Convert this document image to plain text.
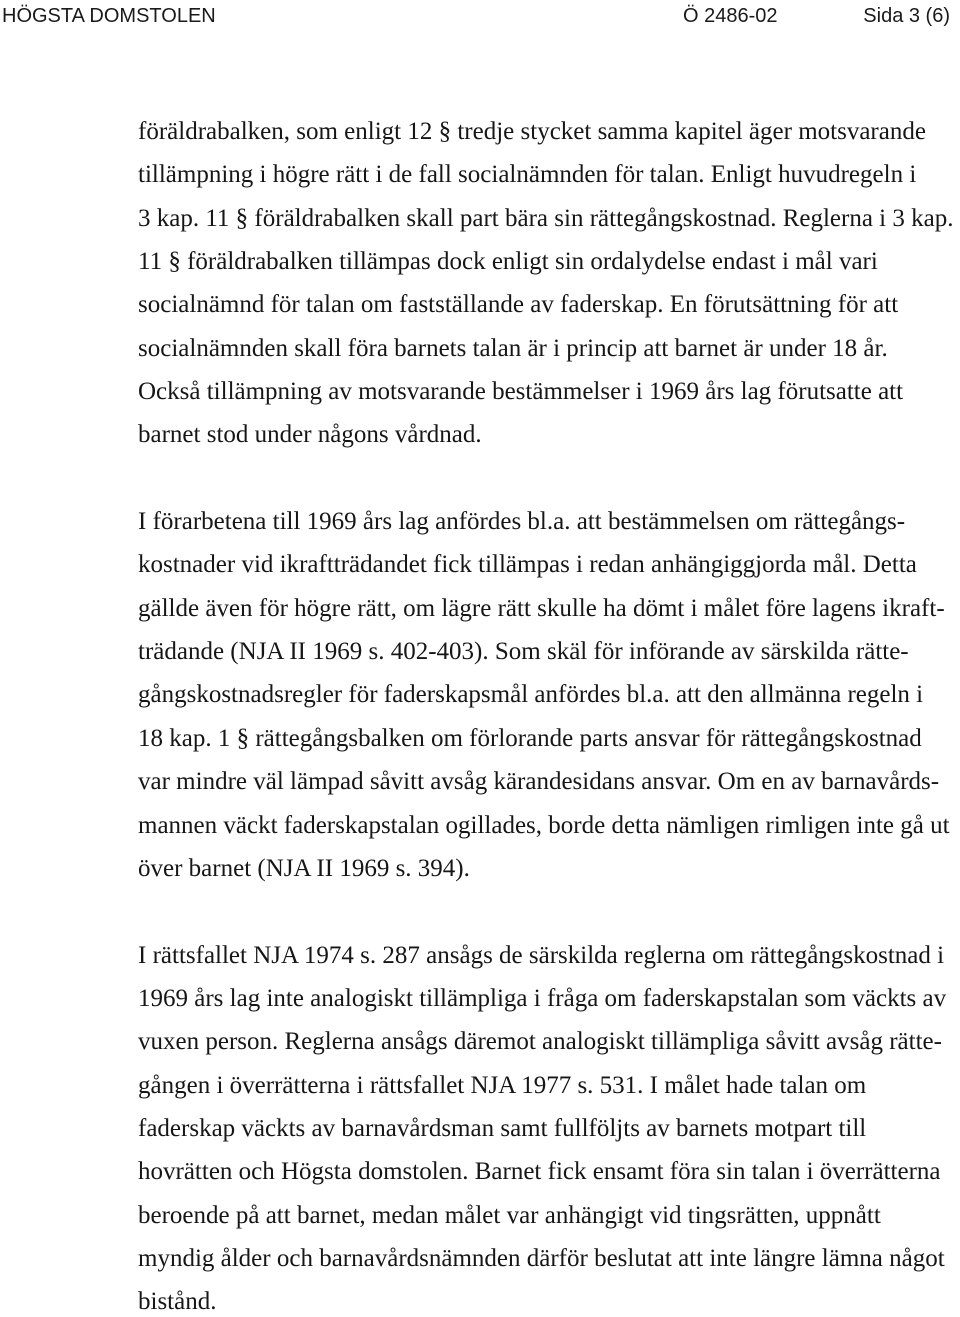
HÖGSTA DOMSTOLEN	Ö 2486-02	Sida 3 (6)
föräldrabalken, som enligt 12 § tredje stycket samma kapitel äger motsvarande
tillämpning i högre rätt i de fall socialnämnden för talan. Enligt huvudregeln i
3 kap. 11 § föräldrabalken skall part bära sin rättegångskostnad. Reglerna i 3 kap.
11 § föräldrabalken tillämpas dock enligt sin ordalydelse endast i mål vari
socialnämnd för talan om fastställande av faderskap. En förutsättning för att
socialnämnden skall föra barnets talan är i princip att barnet är under 18 år.
Också tillämpning av motsvarande bestämmelser i 1969 års lag förutsatte att
barnet stod under någons vårdnad.
I förarbetena till 1969 års lag anfördes bl.a. att bestämmelsen om rättegångs-
kostnader vid ikraftträdandet fick tillämpas i redan anhängiggjorda mål. Detta
gällde även för högre rätt, om lägre rätt skulle ha dömt i målet före lagens ikraft-
trädande (NJA II 1969 s. 402-403). Som skäl för införande av särskilda rätte-
gångskostnadsregler för faderskapsmål anfördes bl.a. att den allmänna regeln i
18 kap. 1 § rättegångsbalken om förlorande parts ansvar för rättegångskostnad
var mindre väl lämpad såvitt avsåg kärandesidans ansvar. Om en av barnavårds-
mannen väckt faderskapstalan ogillades, borde detta nämligen rimligen inte gå ut
över barnet (NJA II 1969 s. 394).
I rättsfallet NJA 1974 s. 287 ansågs de särskilda reglerna om rättegångskostnad i
1969 års lag inte analogiskt tillämpliga i fråga om faderskapstalan som väckts av
vuxen person. Reglerna ansågs däremot analogiskt tillämpliga såvitt avsåg rätte-
gången i överrätterna i rättsfallet NJA 1977 s. 531. I målet hade talan om
faderskap väckts av barnavårdsman samt fullföljts av barnets motpart till
hovrätten och Högsta domstolen. Barnet fick ensamt föra sin talan i överrätterna
beroende på att barnet, medan målet var anhängigt vid tingsrätten, uppnått
myndig ålder och barnavårdsnämnden därför beslutat att inte längre lämna något
bistånd.
